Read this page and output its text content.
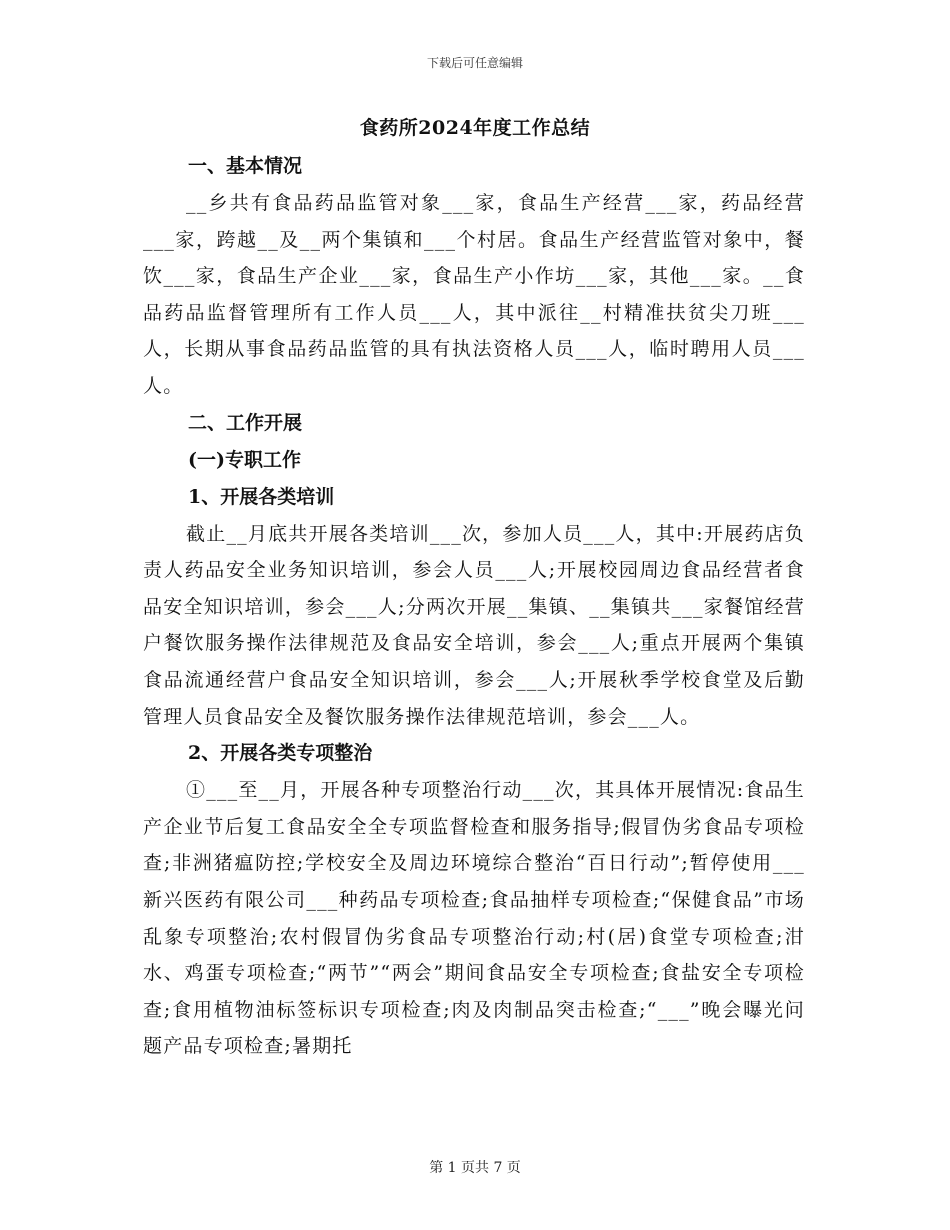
下载后可任意编辑
食药所2024年度工作总结

一、基本情况

__乡共有食品药品监管对象___家，食品生产经营___家，药品经营___家，跨越__及__两个集镇和___个村居。食品生产经营监管对象中，餐饮___家，食品生产企业___家，食品生产小作坊___家，其他___家。__食品药品监督管理所有工作人员___人，其中派往__村精准扶贫尖刀班___人，长期从事食品药品监管的具有执法资格人员___人，临时聘用人员___人。

二、工作开展

(一)专职工作

1、开展各类培训

截止__月底共开展各类培训___次，参加人员___人，其中:开展药店负责人药品安全业务知识培训，参会人员___人;开展校园周边食品经营者食品安全知识培训，参会___人;分两次开展__集镇、__集镇共___家餐馆经营户餐饮服务操作法律规范及食品安全培训，参会___人;重点开展两个集镇食品流通经营户食品安全知识培训，参会___人;开展秋季学校食堂及后勤管理人员食品安全及餐饮服务操作法律规范培训，参会___人。

2、开展各类专项整治

①___至__月，开展各种专项整治行动___次，其具体开展情况:食品生产企业节后复工食品安全全专项监督检查和服务指导;假冒伪劣食品专项检查;非洲猪瘟防控;学校安全及周边环境综合整治“百日行动”;暂停使用___新兴医药有限公司___种药品专项检查;食品抽样专项检查;“保健食品”市场乱象专项整治;农村假冒伪劣食品专项整治行动;村(居)食堂专项检查;泔水、鸡蛋专项检查;“两节”“两会”期间食品安全专项检查;食盐安全专项检查;食用植物油标签标识专项检查;肉及肉制品突击检查;“___”晚会曝光问题产品专项检查;暑期托

第 1 页共 7 页
